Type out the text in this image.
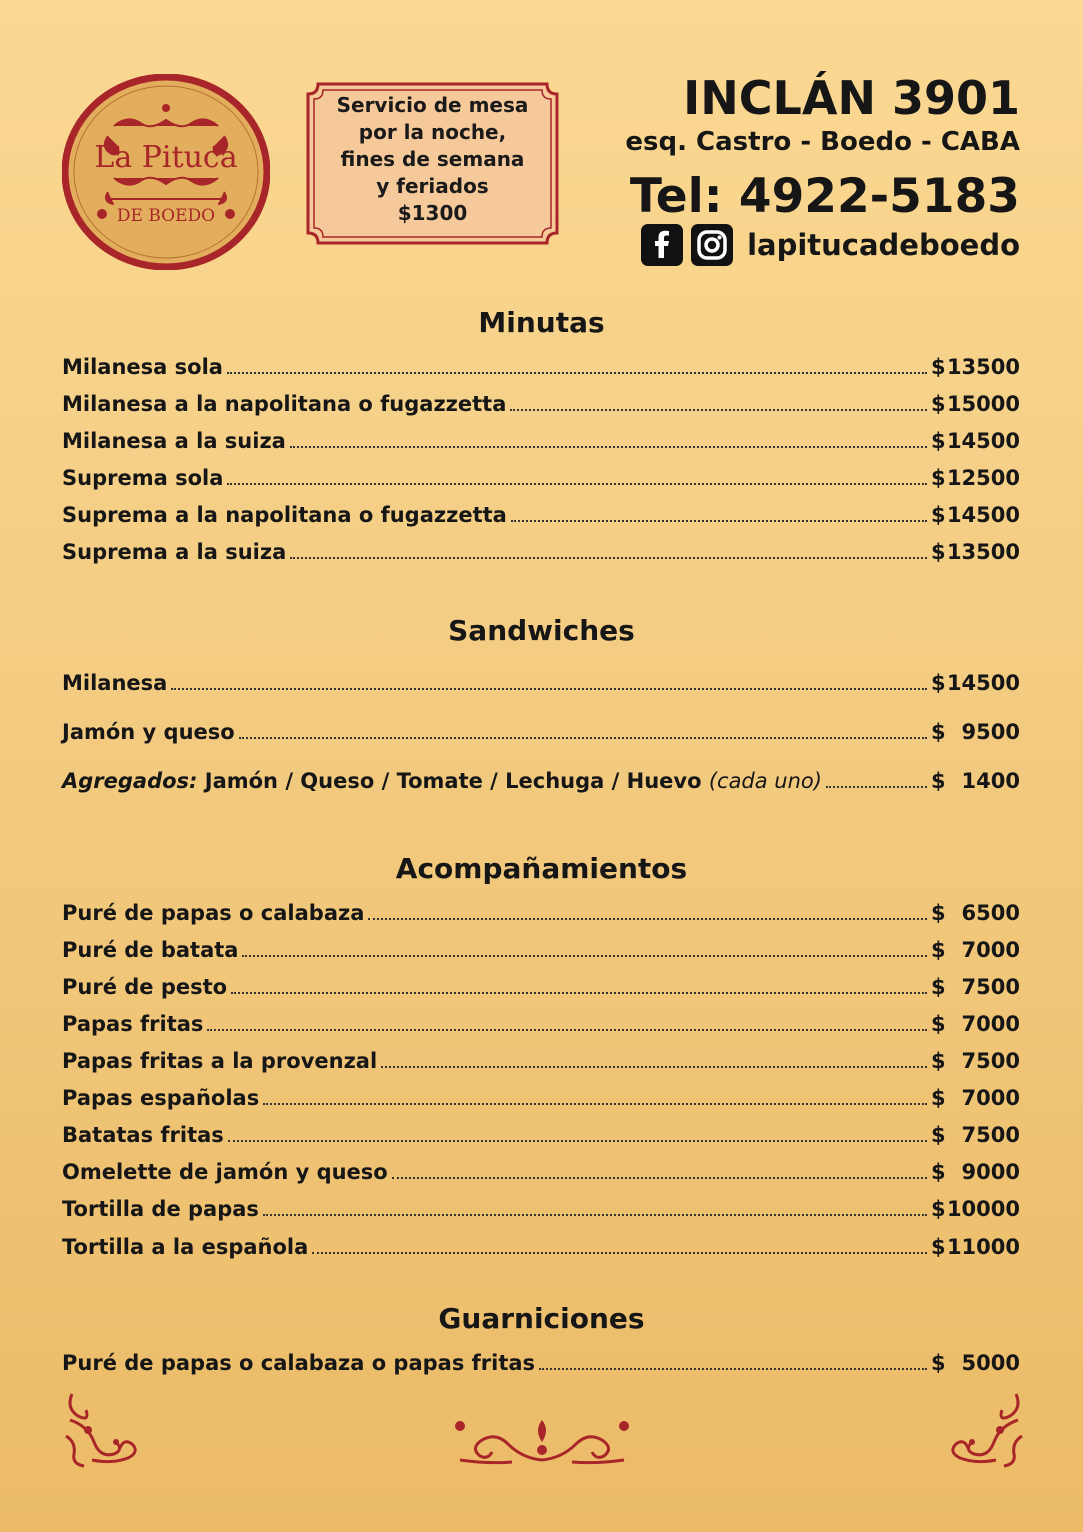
La Pituca
DE BOEDO
Servicio de mesa
por la noche,
fines de semana
y feriados
$1300
INCLÁN 3901
esq. Castro - Boedo - CABA
Tel: 4922-5183
lapitucadeboedo
Minutas
Milanesa sola	$ 13500
Milanesa a la napolitana o fugazzetta	$ 15000
Milanesa a la suiza	$ 14500
Suprema sola	$ 12500
Suprema a la napolitana o fugazzetta	$ 14500
Suprema a la suiza	$ 13500
Sandwiches
Milanesa	$ 14500
Jamón y queso	$ 9500
Agregados: Jamón / Queso / Tomate / Lechuga / Huevo (cada uno)	$ 1400
Acompañamientos
Puré de papas o calabaza	$ 6500
Puré de batata	$ 7000
Puré de pesto	$ 7500
Papas fritas	$ 7000
Papas fritas a la provenzal	$ 7500
Papas españolas	$ 7000
Batatas fritas	$ 7500
Omelette de jamón y queso	$ 9000
Tortilla de papas	$ 10000
Tortilla a la española	$ 11000
Guarniciones
Puré de papas o calabaza o papas fritas	$ 5000
